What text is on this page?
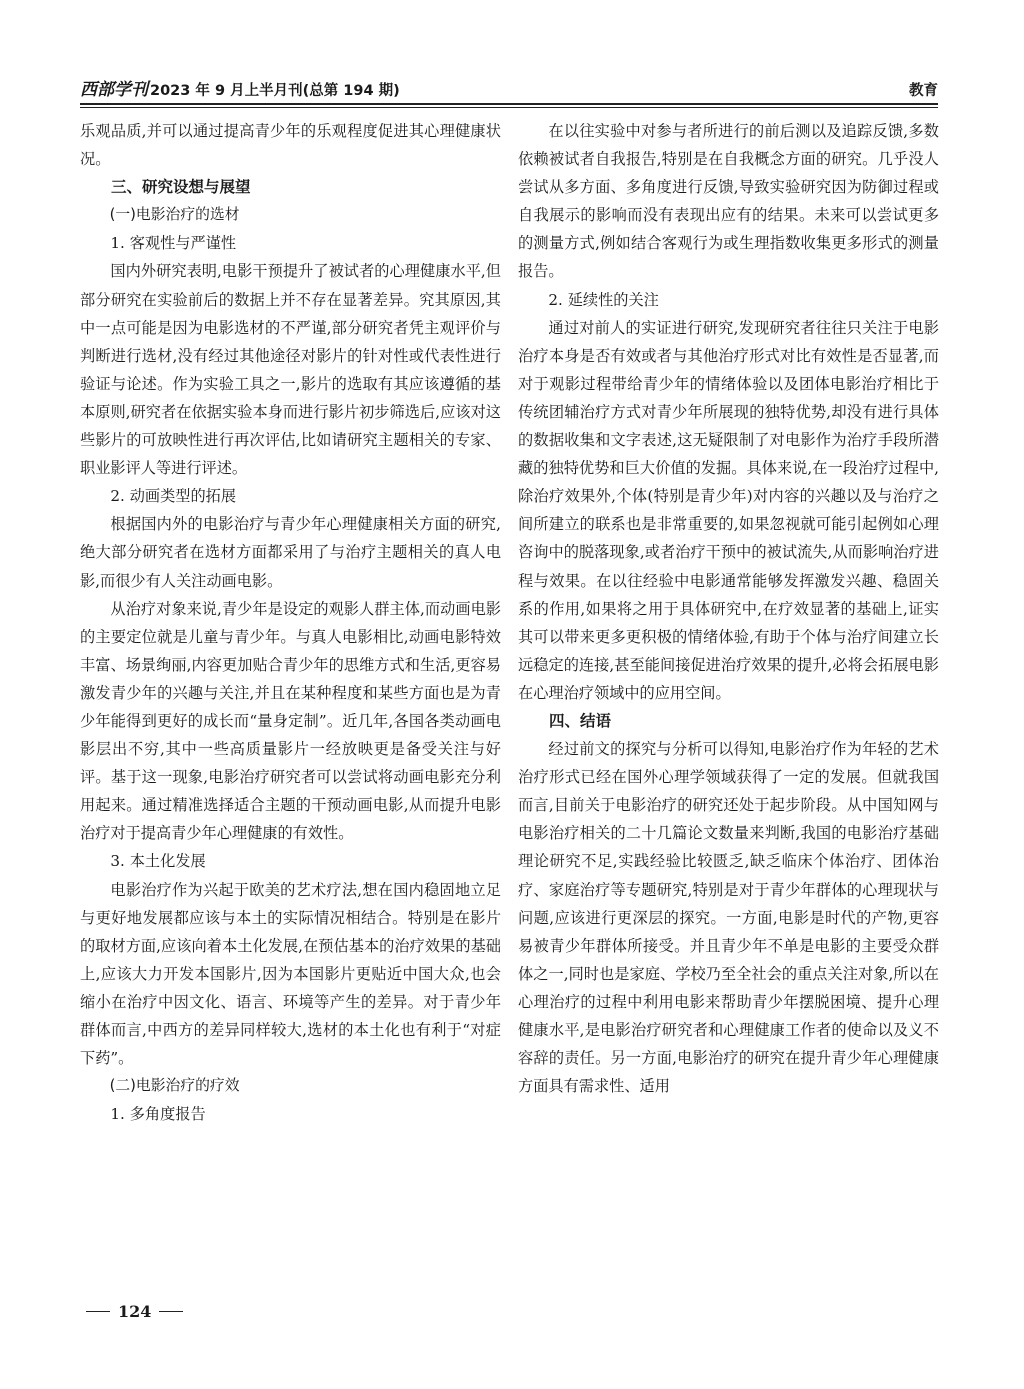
西部学刊 2023 年 9 月上半月刊(总第 194 期)	教育

乐观品质,并可以通过提高青少年的乐观程度促进其心理健康状况。

三、研究设想与展望

(一)电影治疗的选材

1. 客观性与严谨性

国内外研究表明,电影干预提升了被试者的心理健康水平,但部分研究在实验前后的数据上并不存在显著差异。究其原因,其中一点可能是因为电影选材的不严谨,部分研究者凭主观评价与判断进行选材,没有经过其他途径对影片的针对性或代表性进行验证与论述。作为实验工具之一,影片的选取有其应该遵循的基本原则,研究者在依据实验本身而进行影片初步筛选后,应该对这些影片的可放映性进行再次评估,比如请研究主题相关的专家、职业影评人等进行评述。

2. 动画类型的拓展

根据国内外的电影治疗与青少年心理健康相关方面的研究,绝大部分研究者在选材方面都采用了与治疗主题相关的真人电影,而很少有人关注动画电影。

从治疗对象来说,青少年是设定的观影人群主体,而动画电影的主要定位就是儿童与青少年。与真人电影相比,动画电影特效丰富、场景绚丽,内容更加贴合青少年的思维方式和生活,更容易激发青少年的兴趣与关注,并且在某种程度和某些方面也是为青少年能得到更好的成长而“量身定制”。近几年,各国各类动画电影层出不穷,其中一些高质量影片一经放映更是备受关注与好评。基于这一现象,电影治疗研究者可以尝试将动画电影充分利用起来。通过精准选择适合主题的干预动画电影,从而提升电影治疗对于提高青少年心理健康的有效性。

3. 本土化发展

电影治疗作为兴起于欧美的艺术疗法,想在国内稳固地立足与更好地发展都应该与本土的实际情况相结合。特别是在影片的取材方面,应该向着本土化发展,在预估基本的治疗效果的基础上,应该大力开发本国影片,因为本国影片更贴近中国大众,也会缩小在治疗中因文化、语言、环境等产生的差异。对于青少年群体而言,中西方的差异同样较大,选材的本土化也有利于“对症下药”。

(二)电影治疗的疗效

1. 多角度报告

在以往实验中对参与者所进行的前后测以及追踪反馈,多数依赖被试者自我报告,特别是在自我概念方面的研究。几乎没人尝试从多方面、多角度进行反馈,导致实验研究因为防御过程或自我展示的影响而没有表现出应有的结果。未来可以尝试更多的测量方式,例如结合客观行为或生理指数收集更多形式的测量报告。

2. 延续性的关注

通过对前人的实证进行研究,发现研究者往往只关注于电影治疗本身是否有效或者与其他治疗形式对比有效性是否显著,而对于观影过程带给青少年的情绪体验以及团体电影治疗相比于传统团辅治疗方式对青少年所展现的独特优势,却没有进行具体的数据收集和文字表述,这无疑限制了对电影作为治疗手段所潜藏的独特优势和巨大价值的发掘。具体来说,在一段治疗过程中,除治疗效果外,个体(特别是青少年)对内容的兴趣以及与治疗之间所建立的联系也是非常重要的,如果忽视就可能引起例如心理咨询中的脱落现象,或者治疗干预中的被试流失,从而影响治疗进程与效果。在以往经验中电影通常能够发挥激发兴趣、稳固关系的作用,如果将之用于具体研究中,在疗效显著的基础上,证实其可以带来更多更积极的情绪体验,有助于个体与治疗间建立长远稳定的连接,甚至能间接促进治疗效果的提升,必将会拓展电影在心理治疗领域中的应用空间。

四、结语

经过前文的探究与分析可以得知,电影治疗作为年轻的艺术治疗形式已经在国外心理学领域获得了一定的发展。但就我国而言,目前关于电影治疗的研究还处于起步阶段。从中国知网与电影治疗相关的二十几篇论文数量来判断,我国的电影治疗基础理论研究不足,实践经验比较匮乏,缺乏临床个体治疗、团体治疗、家庭治疗等专题研究,特别是对于青少年群体的心理现状与问题,应该进行更深层的探究。一方面,电影是时代的产物,更容易被青少年群体所接受。并且青少年不单是电影的主要受众群体之一,同时也是家庭、学校乃至全社会的重点关注对象,所以在心理治疗的过程中利用电影来帮助青少年摆脱困境、提升心理健康水平,是电影治疗研究者和心理健康工作者的使命以及义不容辞的责任。另一方面,电影治疗的研究在提升青少年心理健康方面具有需求性、适用

124
